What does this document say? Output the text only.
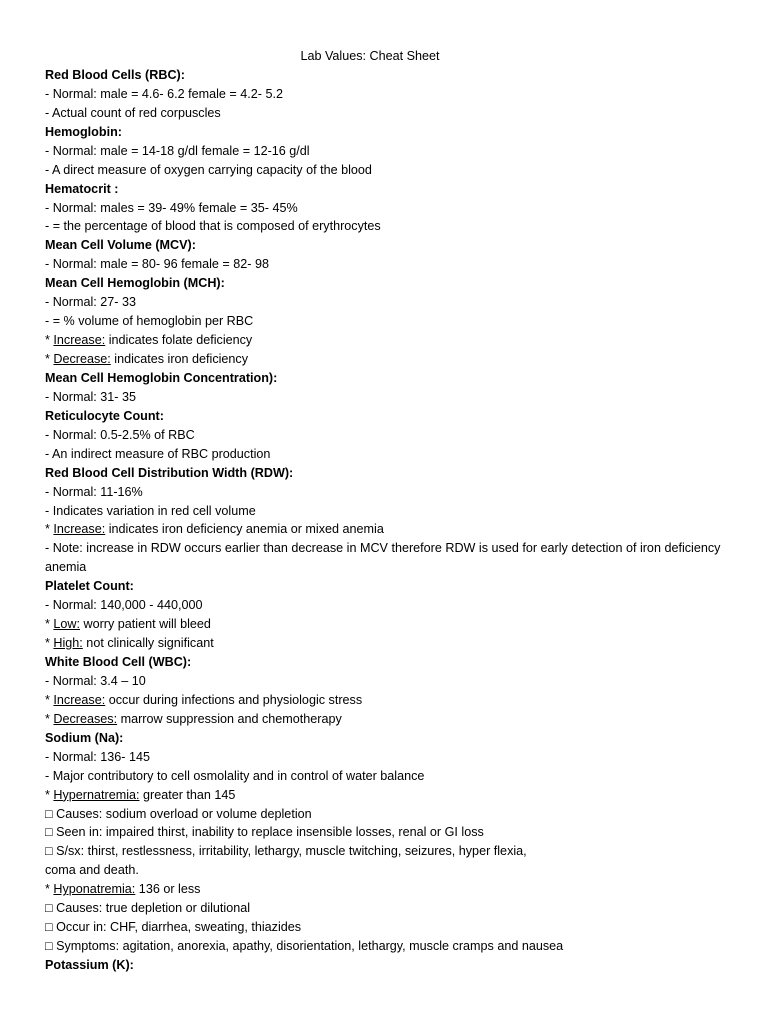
Lab Values: Cheat Sheet
Red Blood Cells (RBC):
- Normal: male = 4.6- 6.2 female = 4.2- 5.2
- Actual count of red corpuscles
Hemoglobin:
- Normal: male = 14-18 g/dl female = 12-16 g/dl
- A direct measure of oxygen carrying capacity of the blood
Hematocrit :
- Normal: males = 39- 49% female = 35- 45%
- = the percentage of blood that is composed of erythrocytes
Mean Cell Volume (MCV):
- Normal: male = 80- 96 female = 82- 98
Mean Cell Hemoglobin (MCH):
- Normal: 27- 33
- = % volume of hemoglobin per RBC
* Increase: indicates folate deficiency
* Decrease: indicates iron deficiency
Mean Cell Hemoglobin Concentration):
- Normal: 31- 35
Reticulocyte Count:
- Normal: 0.5-2.5% of RBC
- An indirect measure of RBC production
Red Blood Cell Distribution Width (RDW):
- Normal: 11-16%
- Indicates variation in red cell volume
* Increase: indicates iron deficiency anemia or mixed anemia
- Note: increase in RDW occurs earlier than decrease in MCV therefore RDW is used for early detection of iron deficiency anemia
Platelet Count:
- Normal: 140,000 - 440,000
* Low: worry patient will bleed
* High: not clinically significant
White Blood Cell (WBC):
- Normal: 3.4 – 10
* Increase: occur during infections and physiologic stress
* Decreases: marrow suppression and chemotherapy
Sodium (Na):
- Normal: 136- 145
- Major contributory to cell osmolality and in control of water balance
* Hypernatremia: greater than 145
□ Causes: sodium overload or volume depletion
□ Seen in: impaired thirst, inability to replace insensible losses, renal or GI loss
□ S/sx: thirst, restlessness, irritability, lethargy, muscle twitching, seizures, hyper flexia,
coma and death.
* Hyponatremia: 136 or less
□ Causes: true depletion or dilutional
□ Occur in: CHF, diarrhea, sweating, thiazides
□ Symptoms: agitation, anorexia, apathy, disorientation, lethargy, muscle cramps and nausea
Potassium (K):
